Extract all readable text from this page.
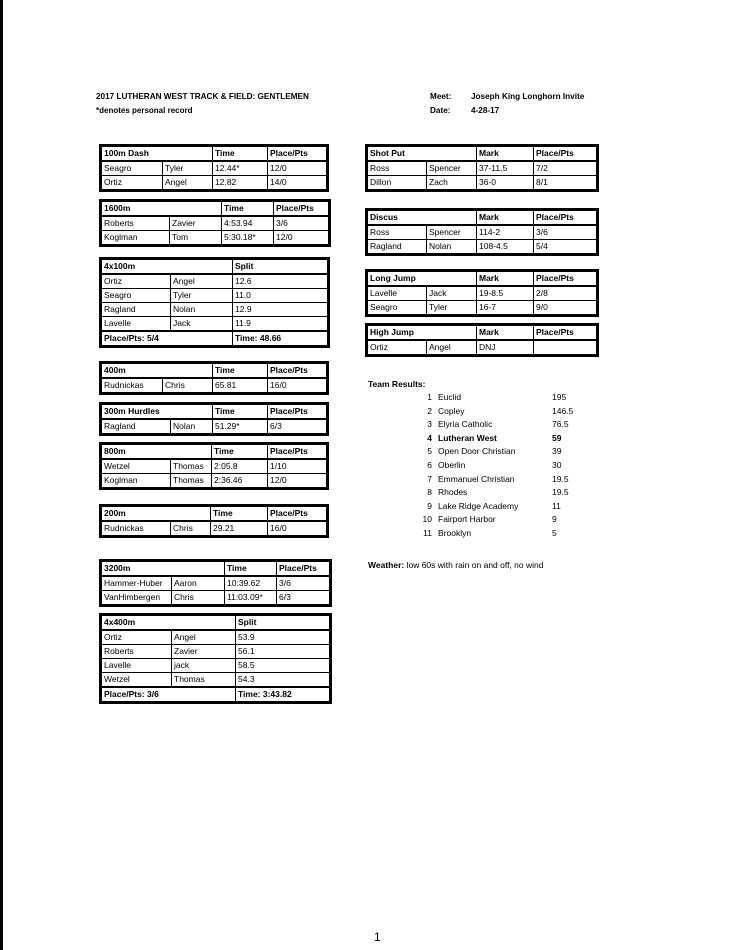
2017 LUTHERAN WEST TRACK & FIELD: GENTLEMEN
*denotes personal record
Meet: Joseph King Longhorn Invite
Date:	4-28-17
100m Dash		Time	Place/Pts
Seagro	Tyler	12.44*	12/0
Ortiz	Angel	12.82	14/0
1600m		Time	Place/Pts
Roberts	Zavier	4:53.94	3/6
Koglman	Tom	5:30.18*	12/0
4x100m		Split
Ortiz	Angel	12.6
Seagro	Tyler	11.0
Ragland	Nolan	12.9
Lavelle	Jack	11.9
Place/Pts: 5/4		Time: 48.66
400m		Time	Place/Pts
Rudnickas	Chris	65.81	16/0
300m Hurdles		Time	Place/Pts
Ragland	Nolan	51.29*	6/3
800m		Time	Place/Pts
Wetzel	Thomas	2:05.8	1/10
Koglman	Thomas	2:36.46	12/0
200m		Time	Place/Pts
Rudnickas	Chris	29.21	16/0
3200m		Time	Place/Pts
Hammer-Huber	Aaron	10:39.62	3/6
VanHimbergen	Chris	11:03.09*	6/3
4x400m		Split
Ortiz	Angel	53.9
Roberts	Zavier	56.1
Lavelle	jack	58.5
Wetzel	Thomas	54.3
Place/Pts: 3/6		Time: 3:43.82
Shot Put		Mark	Place/Pts
Ross	Spencer	37-11.5	7/2
Dillon	Zach	36-0	8/1
Discus		Mark	Place/Pts
Ross	Spencer	114-2	3/6
Ragland	Nolan	108-4.5	5/4
Long Jump		Mark	Place/Pts
Lavelle	Jack	19-8.5	2/8
Seagro	Tyler	16-7	9/0
High Jump		Mark	Place/Pts
Ortiz	Angel	DNJ	
Team Results:
1 Euclid	195
2 Copley	146.5
3 Elyria Catholic	76.5
4 Lutheran West	59
5 Open Door Christian	39
6 Oberlin	30
7 Emmanuel Christian	19.5
8 Rhodes	19.5
9 Lake Ridge Academy	11
10 Fairport Harbor	9
11 Brooklyn	5
Weather: low 60s with rain on and off, no wind
1
